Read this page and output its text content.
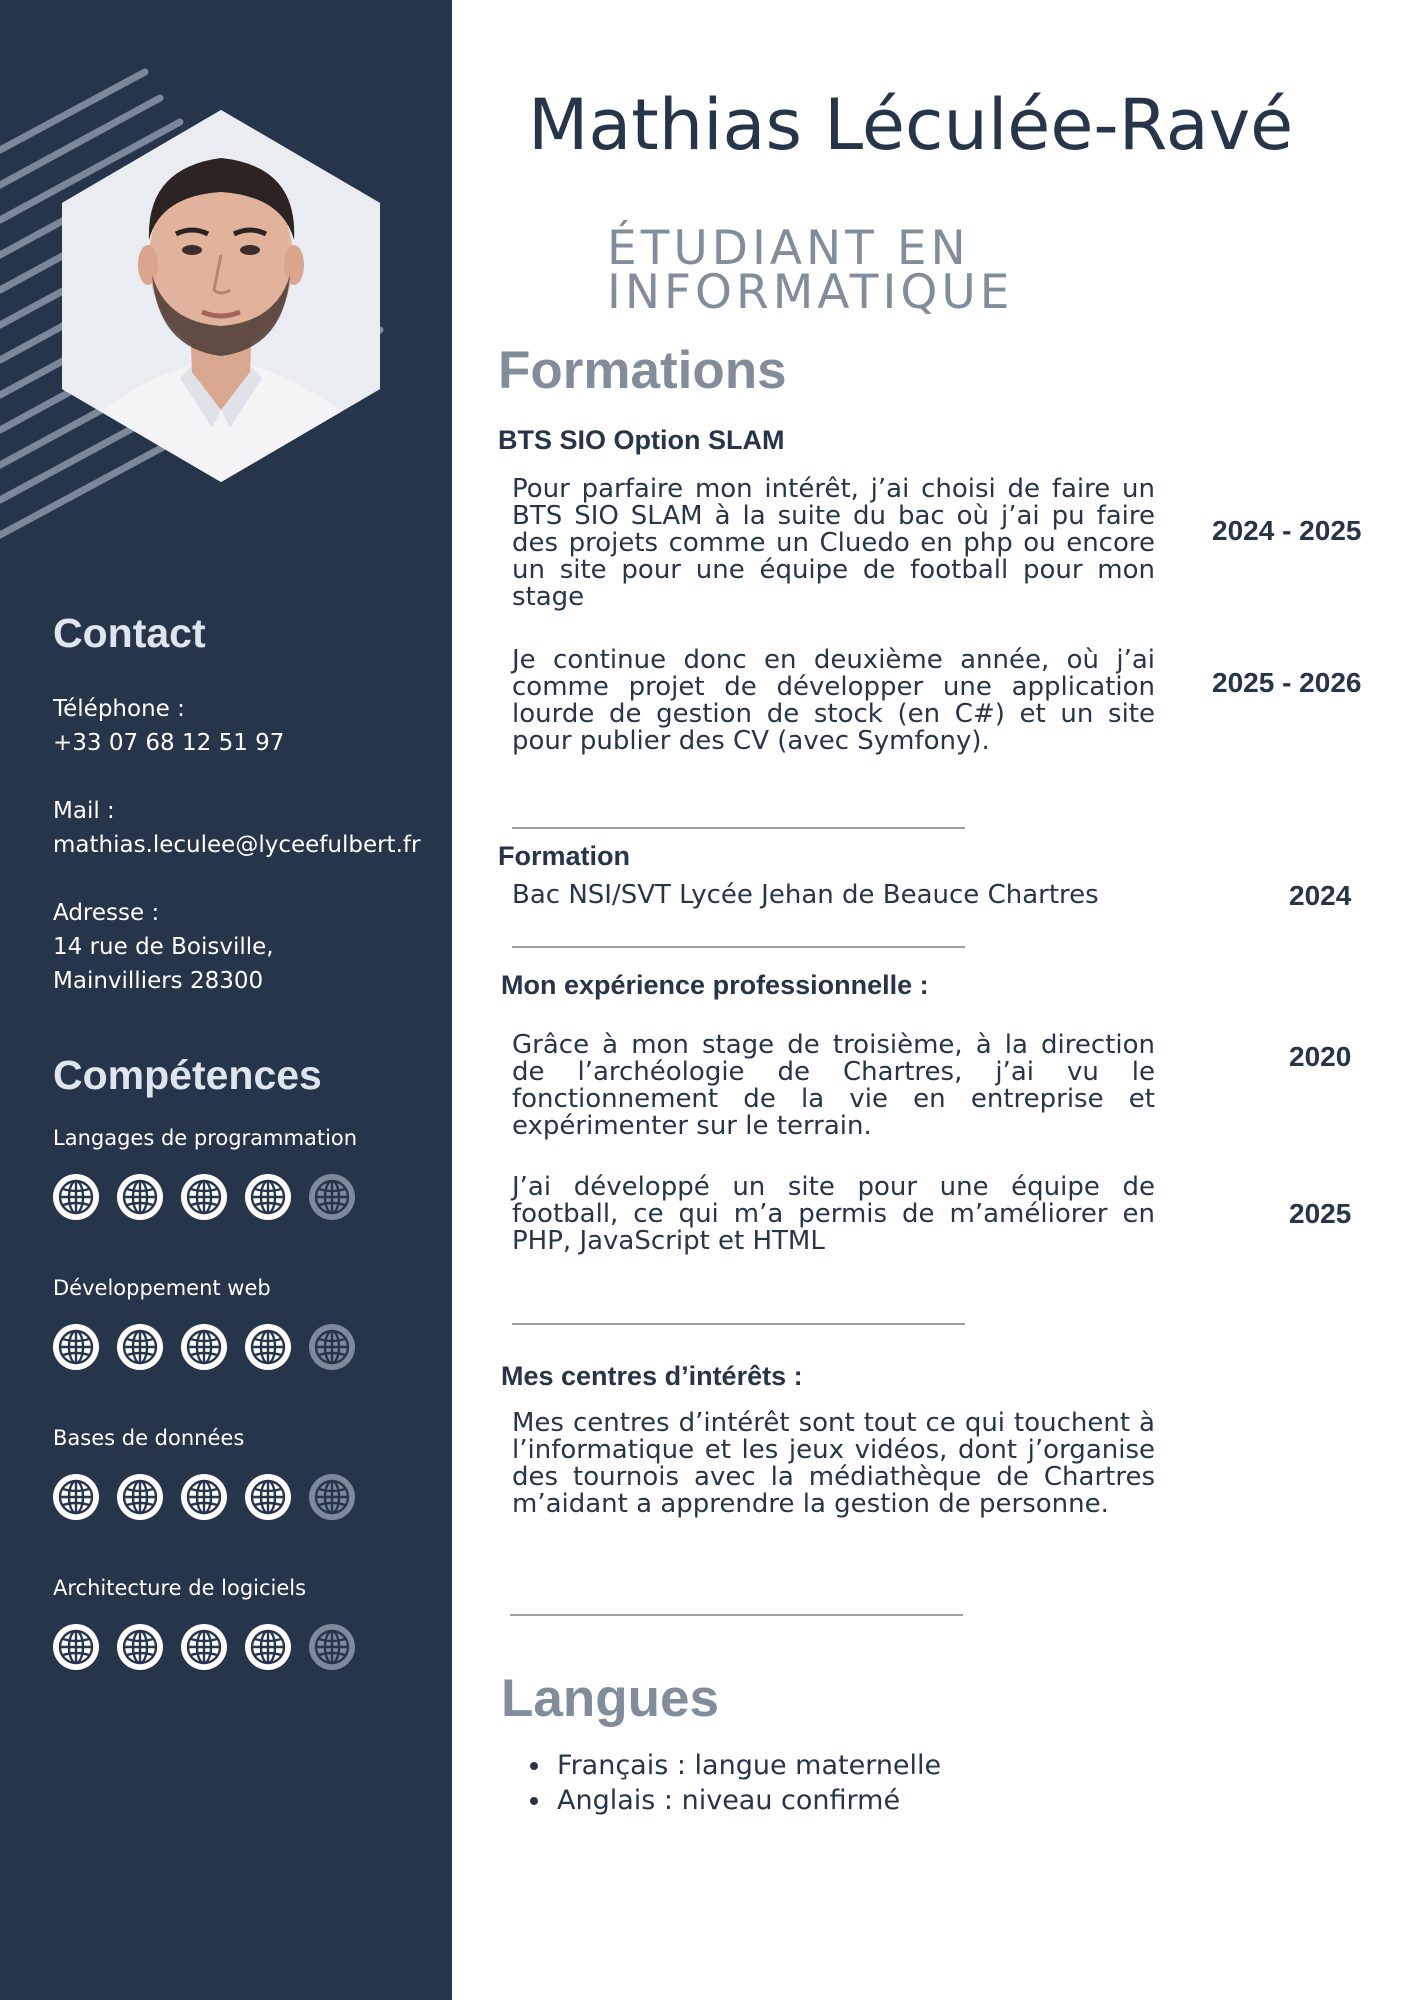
Contact
Téléphone :
+33 07 68 12 51 97
Mail :
mathias.leculee@lyceefulbert.fr
Adresse :
14 rue de Boisville,
Mainvilliers 28300
Compétences
Langages de programmation
Développement web
Bases de données
Architecture de logiciels
Mathias Léculée-Ravé
ÉTUDIANT EN INFORMATIQUE
Formations
BTS SIO Option SLAM

Pour parfaire mon intérêt, j’ai choisi de faire un BTS SIO SLAM à la suite du bac où j’ai pu faire des projets comme un Cluedo en php ou encore un site pour une équipe de football pour mon stage

2024 - 2025

Je continue donc en deuxième année, où j’ai comme projet de développer une application lourde de gestion de stock (en C#) et un site pour publier des CV (avec Symfony).

2025 - 2026
Formation
Bac NSI/SVT Lycée Jehan de Beauce Chartres	2024
Mon expérience professionnelle :

Grâce à mon stage de troisième, à la direction de l’archéologie de Chartres, j’ai vu le fonctionnement de la vie en entreprise et expérimenter sur le terrain.

2020

J’ai développé un site pour une équipe de football, ce qui m’a permis de m’améliorer en PHP, JavaScript et HTML

2025
Mes centres d’intérêts :

Mes centres d’intérêt sont tout ce qui touchent à l’informatique et les jeux vidéos, dont j’organise des tournois avec la médiathèque de Chartres m’aidant a apprendre la gestion de personne.

Langues
• Français : langue maternelle
• Anglais : niveau confirmé
